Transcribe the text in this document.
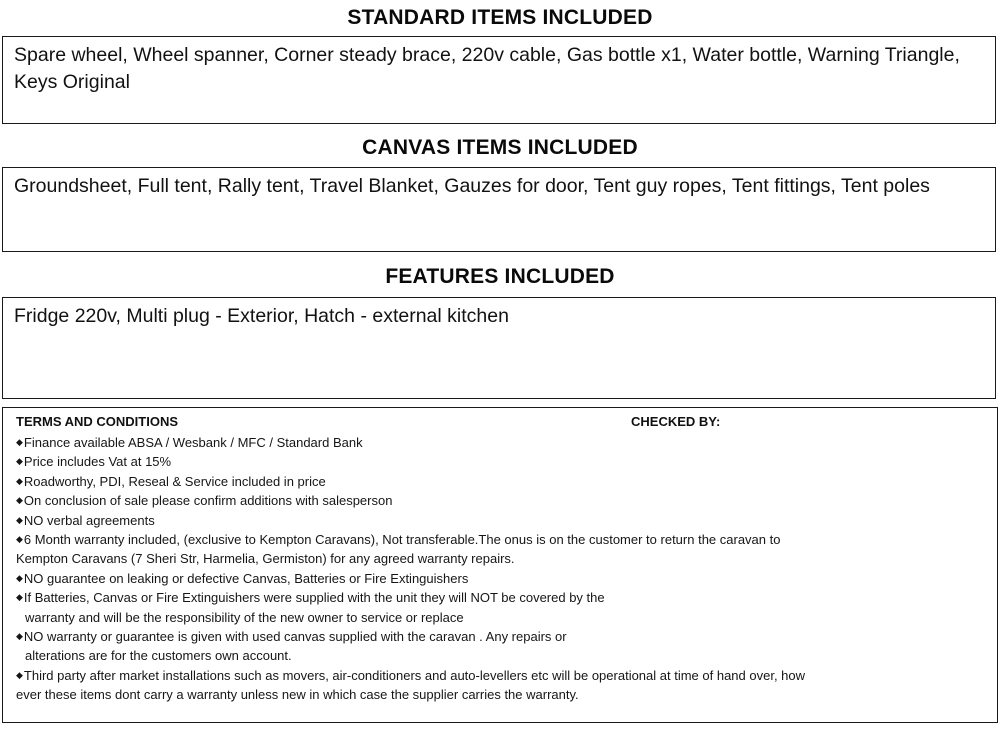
STANDARD ITEMS INCLUDED
Spare wheel, Wheel spanner, Corner steady brace, 220v cable, Gas bottle x1, Water bottle, Warning Triangle, Keys Original
CANVAS ITEMS INCLUDED
Groundsheet, Full tent, Rally tent, Travel Blanket, Gauzes for door, Tent guy ropes, Tent fittings, Tent poles
FEATURES INCLUDED
Fridge 220v, Multi plug - Exterior, Hatch - external kitchen
TERMS AND CONDITIONS	CHECKED BY:
◆Finance available ABSA / Wesbank / MFC / Standard Bank
◆Price includes Vat at 15%
◆Roadworthy, PDI, Reseal & Service included in price
◆On conclusion of sale please confirm additions with salesperson
◆NO verbal agreements
◆6 Month warranty included, (exclusive to Kempton Caravans), Not transferable.The onus is on the customer to return the caravan to
Kempton Caravans (7 Sheri Str, Harmelia, Germiston) for any agreed warranty repairs.
◆NO guarantee on leaking or defective Canvas, Batteries or Fire Extinguishers
◆If Batteries, Canvas or Fire Extinguishers were supplied with the unit they will NOT be covered by the
warranty and will be the responsibility of the new owner to service or replace
◆NO warranty or guarantee is given with used canvas supplied with the caravan . Any repairs or
alterations are for the customers own account.
◆Third party after market installations such as movers, air-conditioners and auto-levellers etc will be operational at time of hand over, how
ever these items dont carry a warranty unless new in which case the supplier carries the warranty.
